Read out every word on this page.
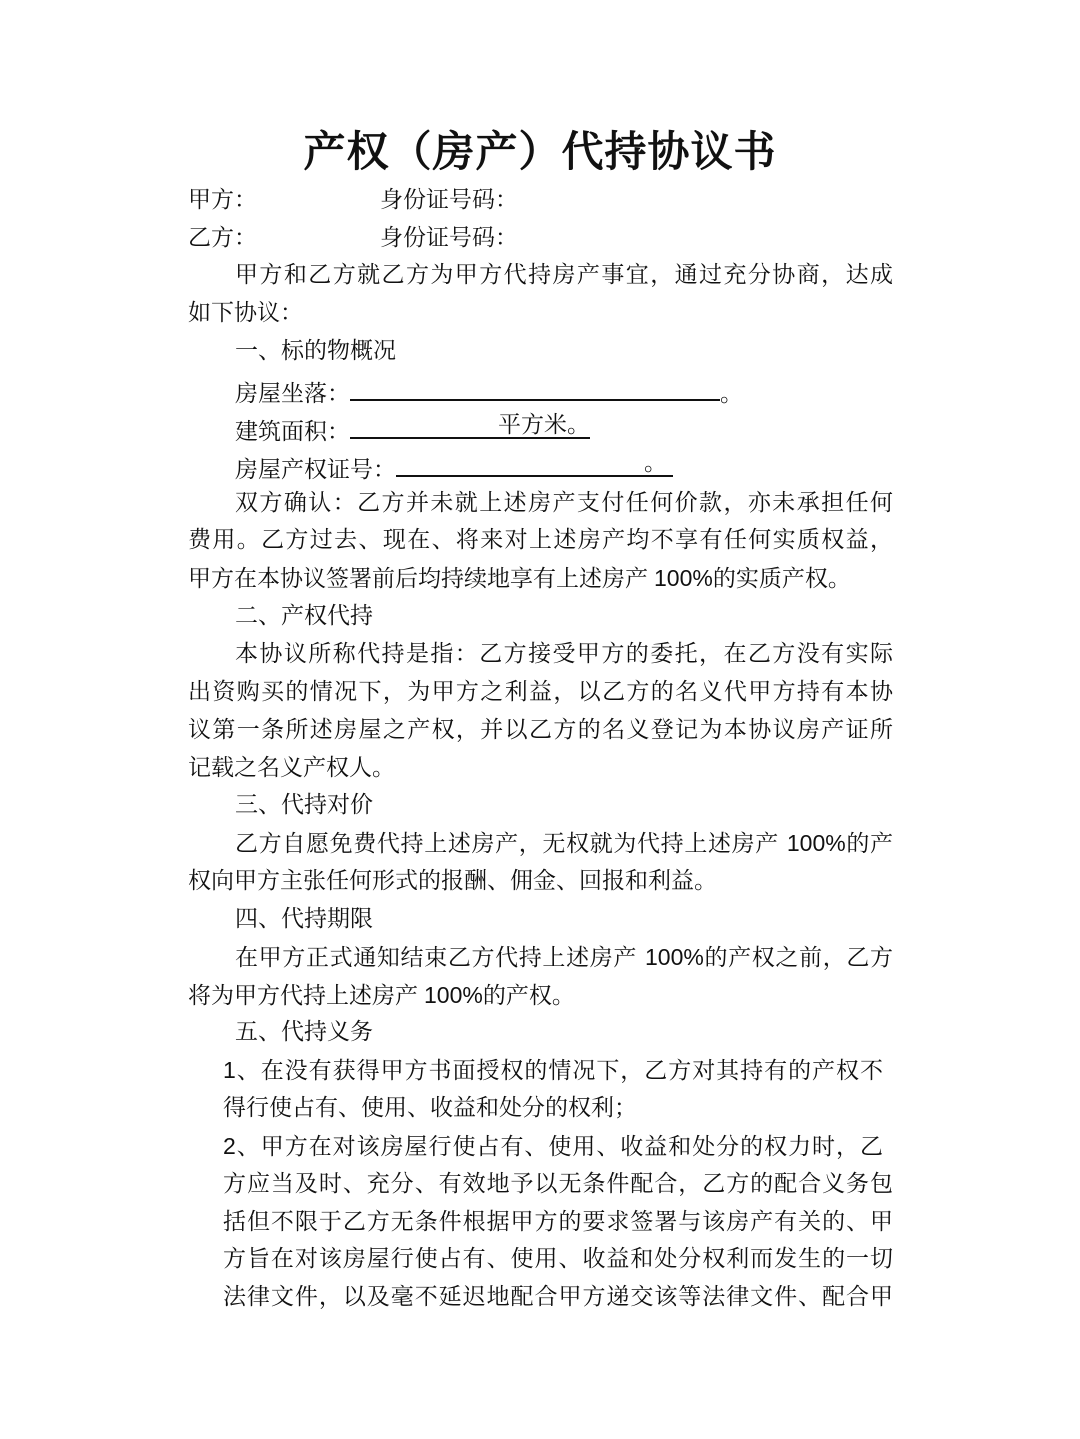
产权（房产）代持协议书
甲方：	身份证号码：
乙方：	身份证号码：
甲方和乙方就乙方为甲方代持房产事宜，通过充分协商，达成
如下协议：
一、标的物概况
房屋坐落：	。
建筑面积：	平方米。
房屋产权证号：	。
双方确认：乙方并未就上述房产支付任何价款，亦未承担任何
费用。乙方过去、现在、将来对上述房产均不享有任何实质权益，
甲方在本协议签署前后均持续地享有上述房产 100%的实质产权。
二、产权代持
本协议所称代持是指：乙方接受甲方的委托，在乙方没有实际
出资购买的情况下，为甲方之利益，以乙方的名义代甲方持有本协
议第一条所述房屋之产权，并以乙方的名义登记为本协议房产证所
记载之名义产权人。
三、代持对价
乙方自愿免费代持上述房产，无权就为代持上述房产 100%的产
权向甲方主张任何形式的报酬、佣金、回报和利益。
四、代持期限
在甲方正式通知结束乙方代持上述房产 100%的产权之前，乙方
将为甲方代持上述房产 100%的产权。
五、代持义务
1、在没有获得甲方书面授权的情况下，乙方对其持有的产权不
得行使占有、使用、收益和处分的权利；
2、甲方在对该房屋行使占有、使用、收益和处分的权力时，乙
方应当及时、充分、有效地予以无条件配合，乙方的配合义务包
括但不限于乙方无条件根据甲方的要求签署与该房产有关的、甲
方旨在对该房屋行使占有、使用、收益和处分权利而发生的一切
法律文件，以及毫不延迟地配合甲方递交该等法律文件、配合甲
